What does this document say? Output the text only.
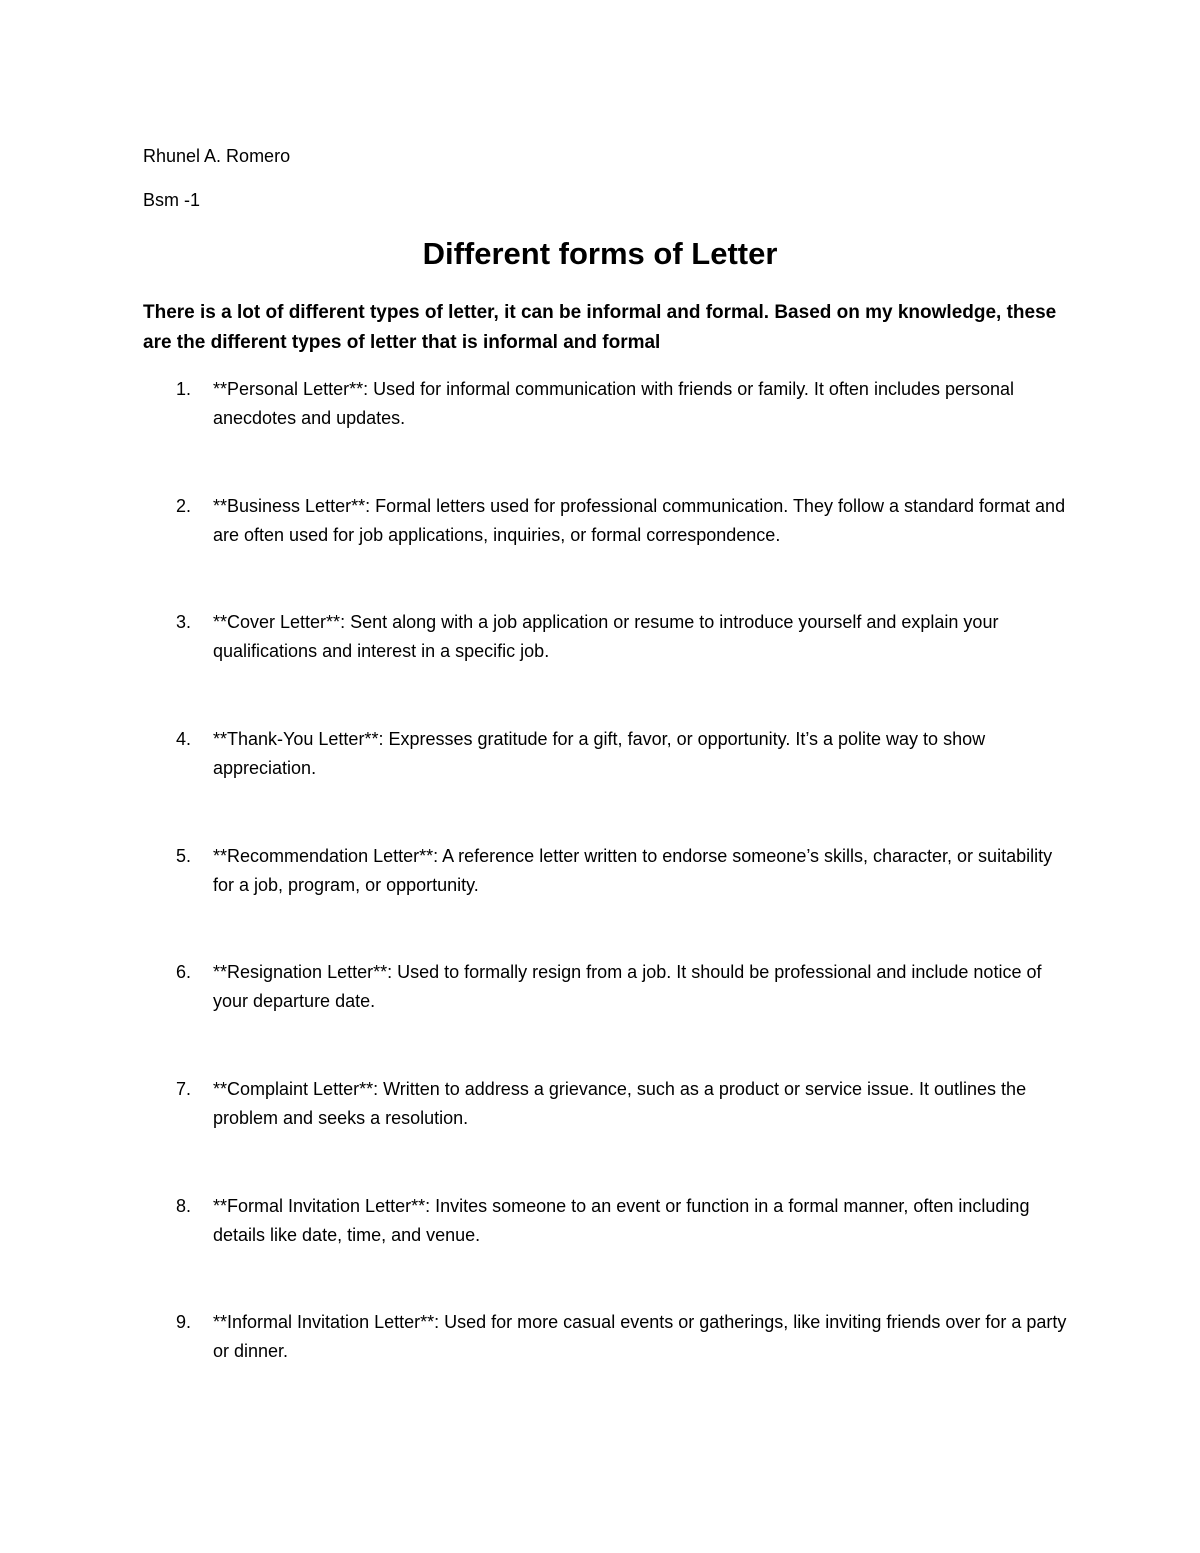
Rhunel A. Romero
Bsm -1
Different forms of Letter
There is a lot of different types of letter, it can be informal and formal. Based on my knowledge, these are the different types of letter that is informal and formal
1.	**Personal Letter**: Used for informal communication with friends or family. It often includes personal anecdotes and updates.
2.	**Business Letter**: Formal letters used for professional communication. They follow a standard format and are often used for job applications, inquiries, or formal correspondence.
3.	**Cover Letter**: Sent along with a job application or resume to introduce yourself and explain your qualifications and interest in a specific job.
4.	**Thank-You Letter**: Expresses gratitude for a gift, favor, or opportunity. It’s a polite way to show appreciation.
5.	**Recommendation Letter**: A reference letter written to endorse someone’s skills, character, or suitability for a job, program, or opportunity.
6.	**Resignation Letter**: Used to formally resign from a job. It should be professional and include notice of your departure date.
7.	**Complaint Letter**: Written to address a grievance, such as a product or service issue. It outlines the problem and seeks a resolution.
8.	**Formal Invitation Letter**: Invites someone to an event or function in a formal manner, often including details like date, time, and venue.
9.	**Informal Invitation Letter**: Used for more casual events or gatherings, like inviting friends over for a party or dinner.
